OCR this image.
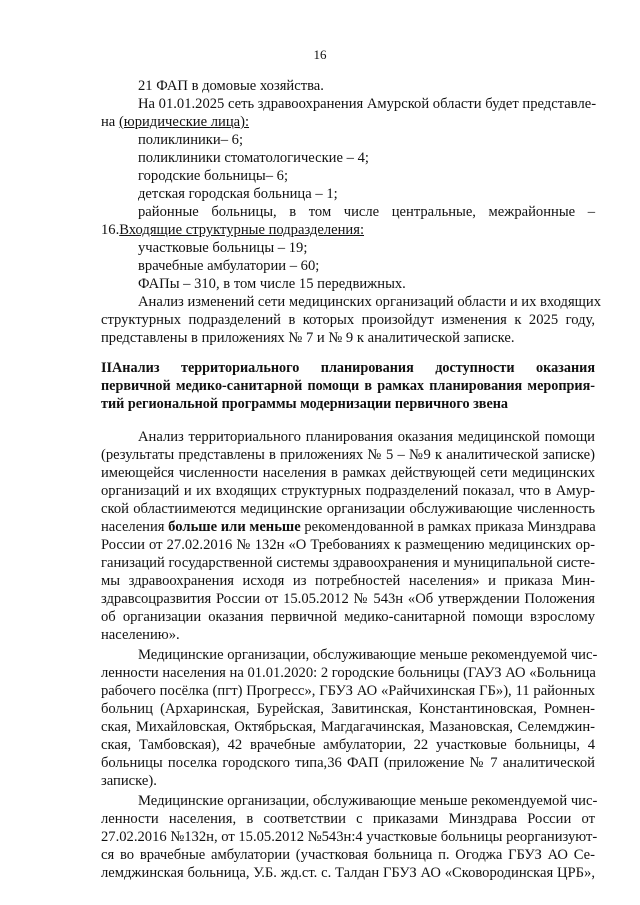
16
21 ФАП в домовые хозяйства.
На 01.01.2025 сеть здравоохранения Амурской области будет представле-
на (юридические лица):
поликлиники– 6;
поликлиники стоматологические – 4;
городские больницы– 6;
детская городская больница – 1;
районные больницы, в том числе центральные, межрайонные –
16.Входящие структурные подразделения:
участковые больницы – 19;
врачебные амбулатории – 60;
ФАПы – 310, в том числе 15 передвижных.
Анализ изменений сети медицинских организаций области и их входящих
структурных подразделений в которых произойдут изменения к 2025 году,
представлены в приложениях № 7 и № 9 к аналитической записке.
IIАнализ территориального планирования доступности оказания
первичной медико-санитарной помощи в рамках планирования мероприя-
тий региональной программы модернизации первичного звена
Анализ территориального планирования оказания медицинской помощи
(результаты представлены в приложениях № 5 – №9 к аналитической записке)
имеющейся численности населения в рамках действующей сети медицинских
организаций и их входящих структурных подразделений показал, что в Амур-
ской областиимеются медицинские организации обслуживающие численность
населения больше или меньше рекомендованной в рамках приказа Минздрава
России от 27.02.2016 № 132н «О Требованиях к размещению медицинских ор-
ганизаций государственной системы здравоохранения и муниципальной систе-
мы здравоохранения исходя из потребностей населения» и приказа Мин-
здравсоцразвития России от 15.05.2012 № 543н «Об утверждении Положения
об организации оказания первичной медико-санитарной помощи взрослому
населению».
Медицинские организации, обслуживающие меньше рекомендуемой чис-
ленности населения на 01.01.2020: 2 городские больницы (ГАУЗ АО «Больница
рабочего посёлка (пгт) Прогресс», ГБУЗ АО «Райчихинская ГБ»), 11 районных
больниц (Архаринская, Бурейская, Завитинская, Константиновская, Ромнен-
ская, Михайловская, Октябрьская, Магдагачинская, Мазановская, Селемджин-
ская, Тамбовская), 42 врачебные амбулатории, 22 участковые больницы, 4
больницы поселка городского типа,36 ФАП (приложение № 7 аналитической
записке).
Медицинские организации, обслуживающие меньше рекомендуемой чис-
ленности населения, в соответствии с приказами Минздрава России от
27.02.2016 №132н, от 15.05.2012 №543н:4 участковые больницы реорганизуют-
ся во врачебные амбулатории (участковая больница п. Огоджа ГБУЗ АО Се-
лемджинская больница, У.Б. жд.ст. с. Талдан ГБУЗ АО «Сковородинская ЦРБ»,
